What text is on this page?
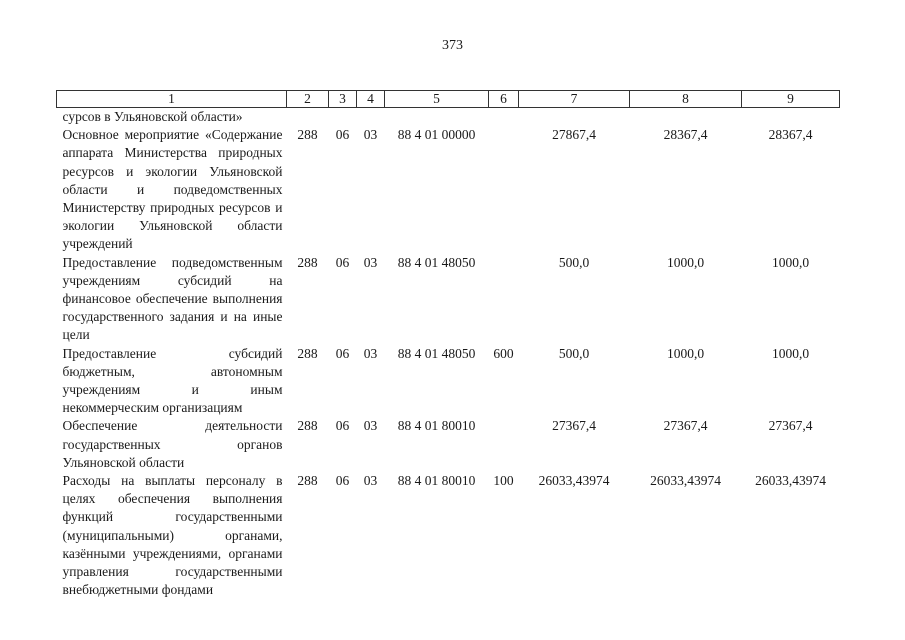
373
1	2	3	4	5	6	7	8	9
сурсов в Ульяновской области»								
Основное мероприятие «Содержание аппарата Министерства природных ресурсов и экологии Ульяновской области и подведомственных Министерству природных ресурсов и экологии Ульяновской области учреждений	288	06	03	88 4 01 00000		27867,4	28367,4	28367,4
Предоставление подведомственным учреждениям субсидий на финансовое обеспечение выполнения государственного задания и на иные цели	288	06	03	88 4 01 48050		500,0	1000,0	1000,0
Предоставление субсидий бюджетным, автономным учреждениям и иным некоммерческим организациям	288	06	03	88 4 01 48050	600	500,0	1000,0	1000,0
Обеспечение деятельности государственных органов Ульяновской области	288	06	03	88 4 01 80010		27367,4	27367,4	27367,4
Расходы на выплаты персоналу в целях обеспечения выполнения функций государственными (муниципальными) органами, казёнными учреждениями, органами управления государственными внебюджетными фондами	288	06	03	88 4 01 80010	100	26033,43974	26033,43974	26033,43974
